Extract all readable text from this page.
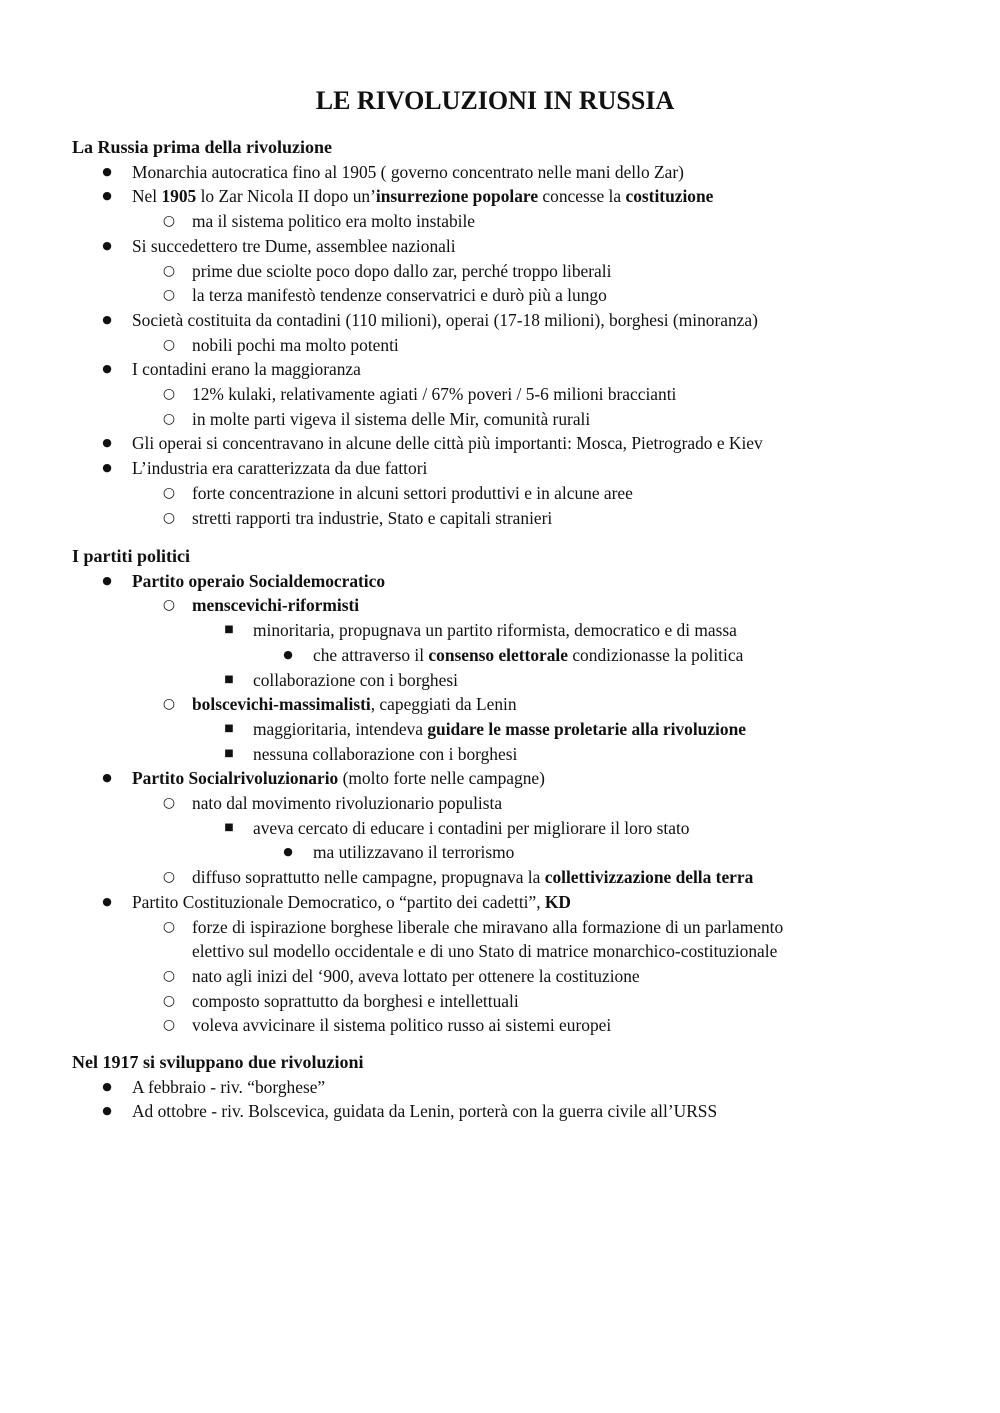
LE RIVOLUZIONI IN RUSSIA
La Russia prima della rivoluzione
● Monarchia autocratica fino al 1905 ( governo concentrato nelle mani dello Zar)
● Nel 1905 lo Zar Nicola II dopo un’insurrezione popolare concesse la costituzione
○ ma il sistema politico era molto instabile
● Si succedettero tre Dume, assemblee nazionali
○ prime due sciolte poco dopo dallo zar, perché troppo liberali
○ la terza manifestò tendenze conservatrici e durò più a lungo
● Società costituita da contadini (110 milioni), operai (17-18 milioni), borghesi (minoranza)
○ nobili pochi ma molto potenti
● I contadini erano la maggioranza
○ 12% kulaki, relativamente agiati / 67% poveri / 5-6 milioni braccianti
○ in molte parti vigeva il sistema delle Mir, comunità rurali
● Gli operai si concentravano in alcune delle città più importanti: Mosca, Pietrogrado e Kiev
● L’industria era caratterizzata da due fattori
○ forte concentrazione in alcuni settori produttivi e in alcune aree
○ stretti rapporti tra industrie, Stato e capitali stranieri
I partiti politici
● Partito operaio Socialdemocratico
○ menscevichi-riformisti
■	minoritaria, propugnava un partito riformista, democratico e di massa
● che attraverso il consenso elettorale condizionasse la politica
■	collaborazione con i borghesi
○ bolscevichi-massimalisti, capeggiati da Lenin
■	maggioritaria, intendeva guidare le masse proletarie alla rivoluzione
■	nessuna collaborazione con i borghesi
● Partito Socialrivoluzionario (molto forte nelle campagne)
○ nato dal movimento rivoluzionario populista
■	aveva cercato di educare i contadini per migliorare il loro stato
● ma utilizzavano il terrorismo
○ diffuso soprattutto nelle campagne, propugnava la collettivizzazione della terra
● Partito Costituzionale Democratico, o “partito dei cadetti”, KD
○ forze di ispirazione borghese liberale che miravano alla formazione di un parlamento
elettivo sul modello occidentale e di uno Stato di matrice monarchico-costituzionale
○ nato agli inizi del ‘900, aveva lottato per ottenere la costituzione
○ composto soprattutto da borghesi e intellettuali
○ voleva avvicinare il sistema politico russo ai sistemi europei
Nel 1917 si sviluppano due rivoluzioni
● A febbraio - riv. “borghese”
● Ad ottobre - riv. Bolscevica, guidata da Lenin, porterà con la guerra civile all’URSS
